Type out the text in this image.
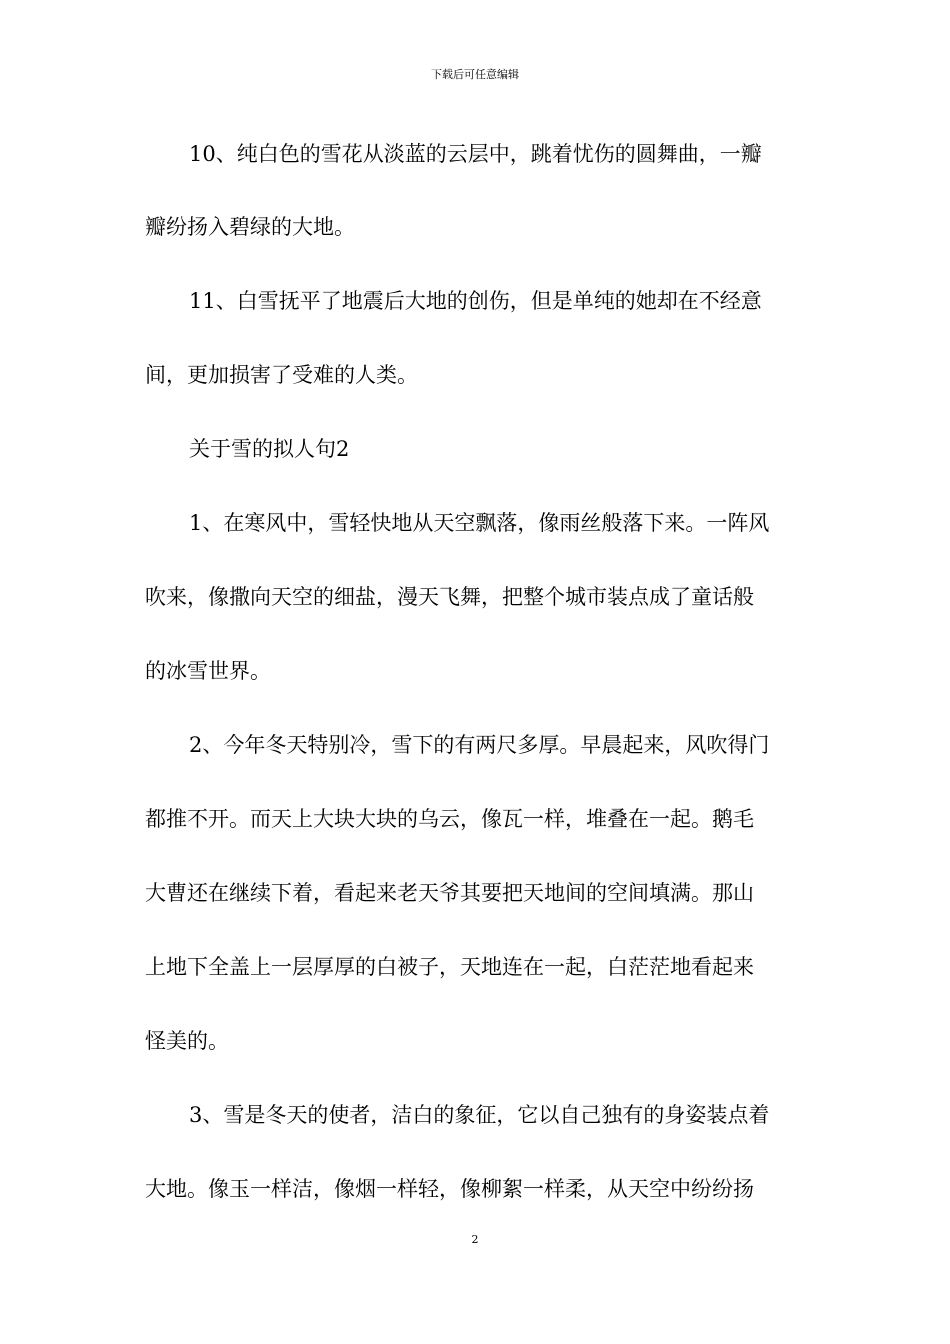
下载后可任意编辑
10、纯白色的雪花从淡蓝的云层中，跳着忧伤的圆舞曲，一瓣
瓣纷扬入碧绿的大地。
11、白雪抚平了地震后大地的创伤，但是单纯的她却在不经意
间，更加损害了受难的人类。
关于雪的拟人句2
1、在寒风中，雪轻快地从天空飘落，像雨丝般落下来。一阵风
吹来，像撒向天空的细盐，漫天飞舞，把整个城市装点成了童话般
的冰雪世界。
2、今年冬天特别冷，雪下的有两尺多厚。早晨起来，风吹得门
都推不开。而天上大块大块的乌云，像瓦一样，堆叠在一起。鹅毛
大曹还在继续下着，看起来老天爷其要把天地间的空间填满。那山
上地下全盖上一层厚厚的白被子，天地连在一起，白茫茫地看起来
怪美的。
3、雪是冬天的使者，洁白的象征，它以自己独有的身姿装点着
大地。像玉一样洁，像烟一样轻，像柳絮一样柔，从天空中纷纷扬
2
